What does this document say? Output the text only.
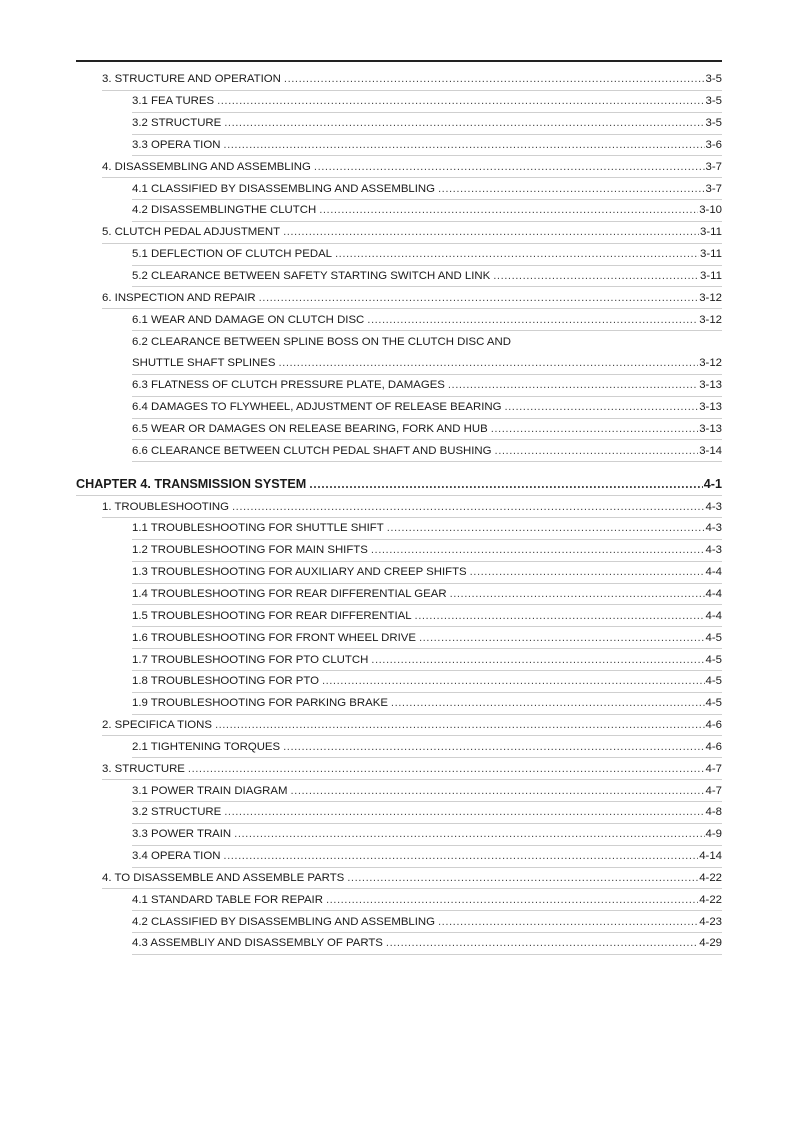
3. STRUCTURE AND OPERATION .....	3-5
3.1 FEA TURES .....	3-5
3.2 STRUCTURE .....	3-5
3.3 OPERA TION .....	3-6
4. DISASSEMBLING AND ASSEMBLING .....	3-7
4.1 CLASSIFIED BY DISASSEMBLING AND ASSEMBLING .....	3-7
4.2 DISASSEMBLINGTHE CLUTCH .....	3-10
5. CLUTCH PEDAL ADJUSTMENT .....	3-11
5.1 DEFLECTION OF CLUTCH PEDAL .....	3-11
5.2 CLEARANCE BETWEEN SAFETY STARTING SWITCH AND LINK .....	3-11
6. INSPECTION AND REPAIR .....	3-12
6.1 WEAR AND DAMAGE ON CLUTCH DISC .....	3-12
6.2 CLEARANCE BETWEEN SPLINE BOSS ON THE CLUTCH DISC AND
SHUTTLE SHAFT SPLINES .....	3-12
6.3 FLATNESS OF CLUTCH PRESSURE PLATE, DAMAGES .....	3-13
6.4 DAMAGES TO FLYWHEEL, ADJUSTMENT OF RELEASE BEARING .....	3-13
6.5 WEAR OR DAMAGES ON RELEASE BEARING, FORK AND HUB .....	3-13
6.6 CLEARANCE BETWEEN CLUTCH PEDAL SHAFT AND BUSHING .....	3-14
CHAPTER 4. TRANSMISSION SYSTEM .....	4-1
1. TROUBLESHOOTING .....	4-3
1.1 TROUBLESHOOTING FOR SHUTTLE SHIFT .....	4-3
1.2 TROUBLESHOOTING FOR MAIN SHIFTS .....	4-3
1.3 TROUBLESHOOTING FOR AUXILIARY AND CREEP SHIFTS .....	4-4
1.4 TROUBLESHOOTING FOR REAR DIFFERENTIAL GEAR .....	4-4
1.5 TROUBLESHOOTING FOR REAR DIFFERENTIAL .....	4-4
1.6 TROUBLESHOOTING FOR FRONT WHEEL DRIVE .....	4-5
1.7 TROUBLESHOOTING FOR PTO CLUTCH .....	4-5
1.8 TROUBLESHOOTING FOR PTO .....	4-5
1.9 TROUBLESHOOTING FOR PARKING BRAKE .....	4-5
2. SPECIFICA TIONS .....	4-6
2.1 TIGHTENING TORQUES .....	4-6
3. STRUCTURE .....	4-7
3.1 POWER TRAIN DIAGRAM .....	4-7
3.2 STRUCTURE .....	4-8
3.3 POWER TRAIN .....	4-9
3.4 OPERA TION .....	4-14
4. TO DISASSEMBLE AND ASSEMBLE PARTS .....	4-22
4.1 STANDARD TABLE FOR REPAIR .....	4-22
4.2 CLASSIFIED BY DISASSEMBLING AND ASSEMBLING .....	4-23
4.3 ASSEMBLIY AND DISASSEMBLY OF PARTS .....	4-29
